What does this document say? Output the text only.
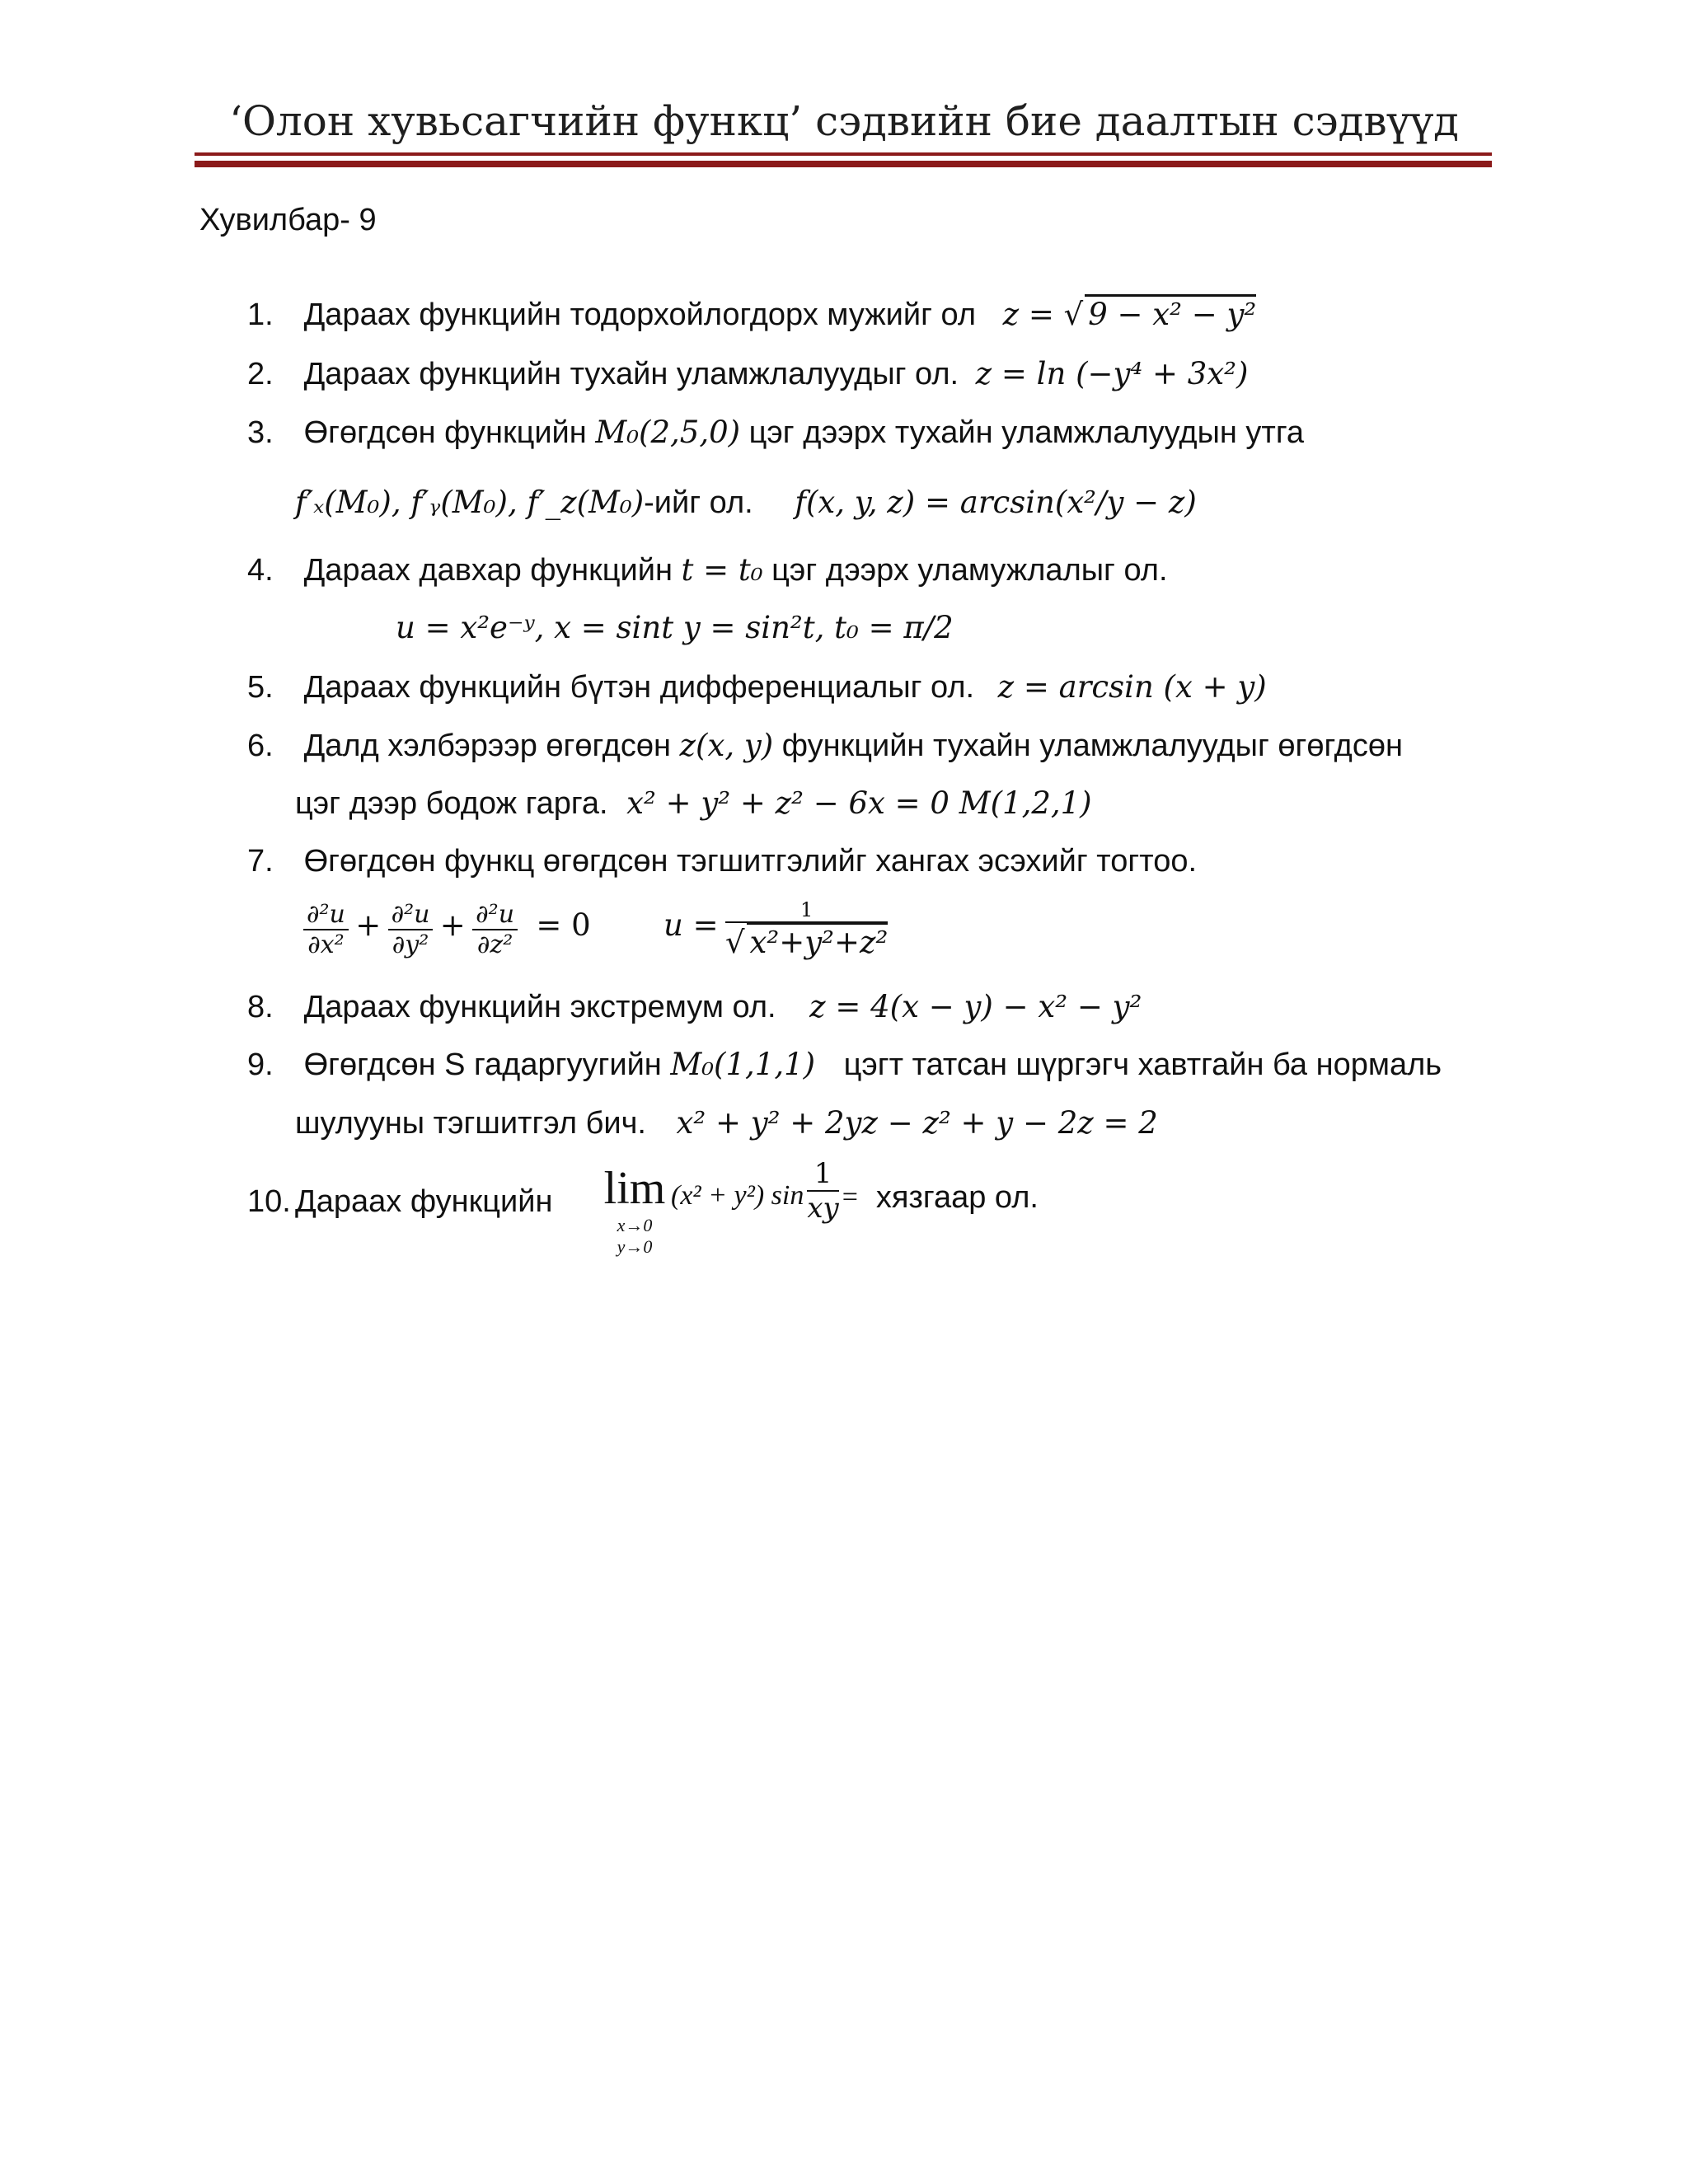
‘Олон хувьсагчийн функц’ сэдвийн бие даалтын сэдвүүд
Хувилбар- 9
1. Дараах функцийн тодорхойлогдорх мужийг ол z = √ 9 − x² − y²
2. Дараах функцийн тухайн уламжлалуудыг ол. z = ln (−y⁴ + 3x²)
3. Өгөгдсөн функцийн M₀(2,5,0) цэг дээрх тухайн уламжлалуудын утга
f′ₓ(M₀), f′ᵧ(M₀), f′_z(M₀)-ийг ол. f(x, y, z) = arcsin(x²/y − z)
4. Дараах давхар функцийн t = t₀ цэг дээрх уламужлалыг ол.
u = x²e⁻ʸ, x = sint y = sin²t, t₀ = π/2
5. Дараах функцийн бүтэн дифференциалыг ол. z = arcsin (x + y)
6. Далд хэлбэрээр өгөгдсөн z(x, y) функцийн тухайн уламжлалуудыг өгөгдсөн
цэг дээр бодож гарга. x² + y² + z² − 6x = 0 M(1,2,1)
7. Өгөгдсөн функц өгөгдсөн тэгшитгэлийг хангах эсэхийг тогтоо.
$\frac{\text{∂²u}}{\text{∂x²}} + \frac{\text{∂²u}}{\text{∂y²}} + \frac{\text{∂²u}}{\text{∂z²}} = 0$ $u = \frac{1}{\text{√ x²+y²+z²}}$
8. Дараах функцийн экстремум ол. z = 4(x − y) − x² − y²
9. Өгөгдсөн S гадаргуугийн M₀(1,1,1) цэгт татсан шүргэгч хавтгайн ба нормаль
шулууны тэгшитгэл бич. x² + y² + 2yz − z² + y − 2z = 2
10. Дараах функцийн lim
x→0
y→0
(x² + y²) $\sin \frac{1}{xy}$ = хязгаар ол.
